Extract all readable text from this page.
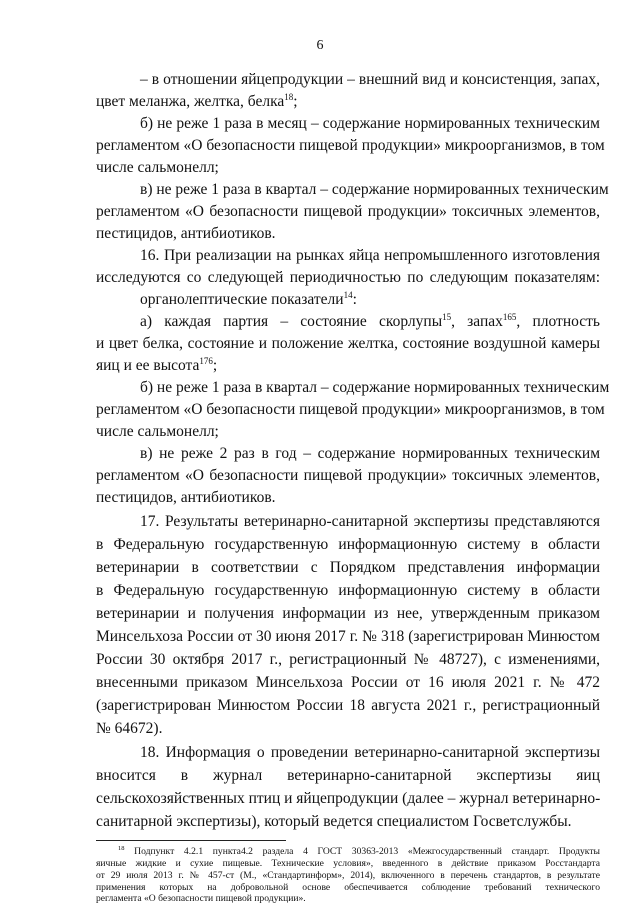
6
– в отношении яйцепродукции – внешний вид и консистенция, запах,
цвет меланжа, желтка, белка$^{18}$;
б) не реже 1 раза в месяц – содержание нормированных техническим
регламентом «О безопасности пищевой продукции» микроорганизмов, в том
числе сальмонелл;
в) не реже 1 раза в квартал – содержание нормированных техническим
регламентом «О безопасности пищевой продукции» токсичных элементов,
пестицидов, антибиотиков.
16. При реализации на рынках яйца непромышленного изготовления
исследуются со следующей периодичностью по следующим показателям:
органолептические показатели$^{14}$:
а) каждая партия – состояние скорлупы$^{15}$, запах$^{165}$, плотность
и цвет белка, состояние и положение желтка, состояние воздушной камеры
яиц и ее высота$^{176}$;
б) не реже 1 раза в квартал – содержание нормированных техническим
регламентом «О безопасности пищевой продукции» микроорганизмов, в том
числе сальмонелл;
в) не реже 2 раз в год – содержание нормированных техническим
регламентом «О безопасности пищевой продукции» токсичных элементов,
пестицидов, антибиотиков.
17. Результаты ветеринарно-санитарной экспертизы представляются
в Федеральную государственную информационную систему в области
ветеринарии в соответствии с Порядком представления информации
в Федеральную государственную информационную систему в области
ветеринарии и получения информации из нее, утвержденным приказом
Минсельхоза России от 30 июня 2017 г. № 318 (зарегистрирован Минюстом
России 30 октября 2017 г., регистрационный № 48727), с изменениями,
внесенными приказом Минсельхоза России от 16 июля 2021 г. № 472
(зарегистрирован Минюстом России 18 августа 2021 г., регистрационный
№ 64672).
18. Информация о проведении ветеринарно-санитарной экспертизы
вносится в журнал ветеринарно-санитарной экспертизы яиц
сельскохозяйственных птиц и яйцепродукции (далее – журнал ветеринарно-
санитарной экспертизы), который ведется специалистом Госветслужбы.
$^{18}$ Подпункт 4.2.1 пункта4.2 раздела 4 ГОСТ 30363-2013 «Межгосударственный стандарт. Продукты
яичные жидкие и сухие пищевые. Технические условия», введенного в действие приказом Росстандарта
от 29 июля 2013 г. № 457-ст (М., «Стандартинформ», 2014), включенного в перечень стандартов, в результате
применения которых на добровольной основе обеспечивается соблюдение требований технического
регламента «О безопасности пищевой продукции».
